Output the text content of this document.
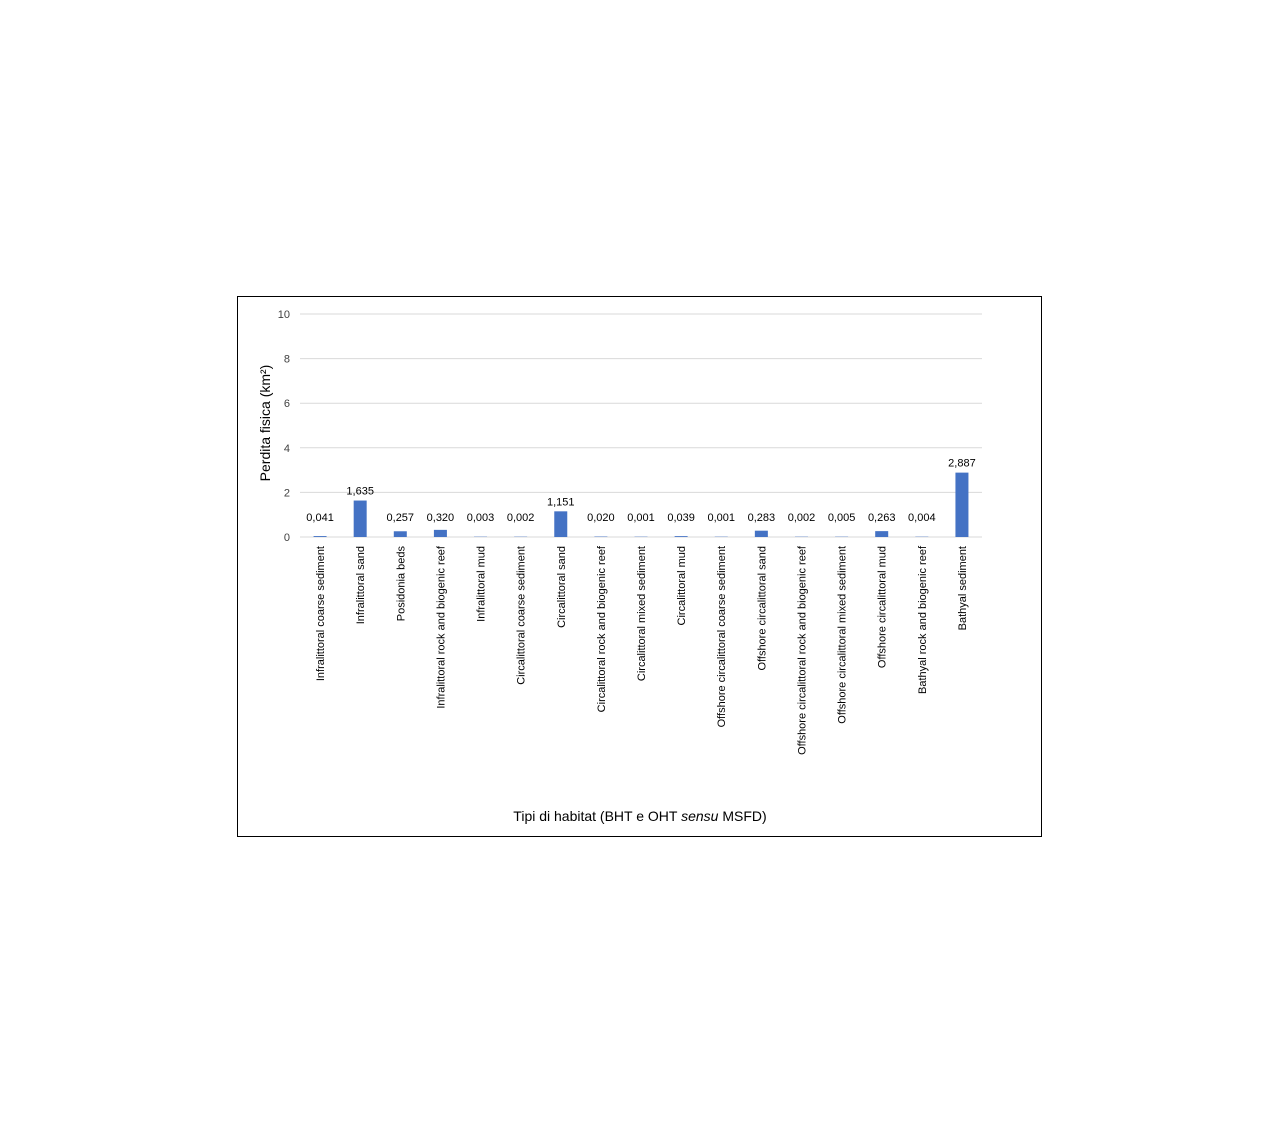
0
2
4
6
8
10
0,041
1,635
0,257 0,320 0,003 0,002
1,151
0,020 0,001 0,039 0,001 0,283 0,002 0,005 0,263 0,004
2,887
Infralittoral coarse sediment	Infralittoral sand	Posidonia beds	Infralittoral rock and biogenic reef	Infralittoral mud	Circalittoral coarse sediment	Circalittoral sand	Circalittoral rock and biogenic reef	Circalittoral mixed sediment	Circalittoral mud	Offshore circalittoral coarse sediment	Offshore circalittoral sand	Offshore circalittoral rock and biogenic reef	Offshore circalittoral mixed sediment	Offshore circalittoral mud	Bathyal rock and biogenic reef	Bathyal sediment
Perdita fisica (km²)
Tipi di habitat (BHT e OHT sensu MSFD)
